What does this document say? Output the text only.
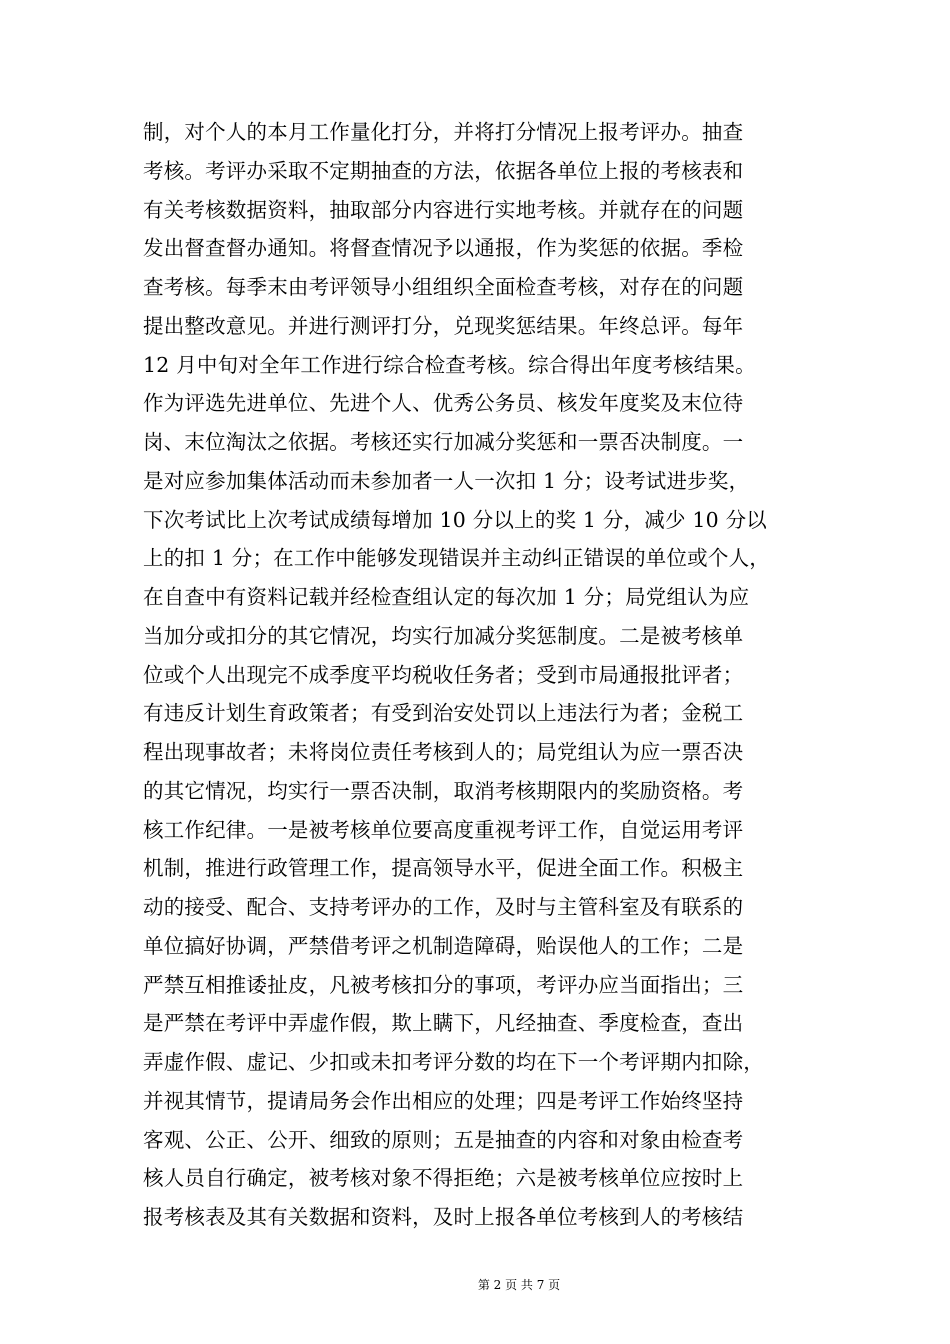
制，对个人的本月工作量化打分，并将打分情况上报考评办。抽查
考核。考评办采取不定期抽查的方法，依据各单位上报的考核表和
有关考核数据资料，抽取部分内容进行实地考核。并就存在的问题
发出督查督办通知。将督查情况予以通报，作为奖惩的依据。季检
查考核。每季末由考评领导小组组织全面检查考核，对存在的问题
提出整改意见。并进行测评打分，兑现奖惩结果。年终总评。每年
12 月中旬对全年工作进行综合检查考核。综合得出年度考核结果。
作为评选先进单位、先进个人、优秀公务员、核发年度奖及末位待
岗、末位淘汰之依据。考核还实行加减分奖惩和一票否决制度。一
是对应参加集体活动而未参加者一人一次扣 1 分；设考试进步奖，
下次考试比上次考试成绩每增加 10 分以上的奖 1 分，减少 10 分以
上的扣 1 分；在工作中能够发现错误并主动纠正错误的单位或个人，
在自查中有资料记载并经检查组认定的每次加 1 分；局党组认为应
当加分或扣分的其它情况，均实行加减分奖惩制度。二是被考核单
位或个人出现完不成季度平均税收任务者；受到市局通报批评者；
有违反计划生育政策者；有受到治安处罚以上违法行为者；金税工
程出现事故者；未将岗位责任考核到人的；局党组认为应一票否决
的其它情况，均实行一票否决制，取消考核期限内的奖励资格。考
核工作纪律。一是被考核单位要高度重视考评工作，自觉运用考评
机制，推进行政管理工作，提高领导水平，促进全面工作。积极主
动的接受、配合、支持考评办的工作，及时与主管科室及有联系的
单位搞好协调，严禁借考评之机制造障碍，贻误他人的工作；二是
严禁互相推诿扯皮，凡被考核扣分的事项，考评办应当面指出；三
是严禁在考评中弄虚作假，欺上瞒下，凡经抽查、季度检查，查出
弄虚作假、虚记、少扣或未扣考评分数的均在下一个考评期内扣除，
并视其情节，提请局务会作出相应的处理；四是考评工作始终坚持
客观、公正、公开、细致的原则；五是抽查的内容和对象由检查考
核人员自行确定，被考核对象不得拒绝；六是被考核单位应按时上
报考核表及其有关数据和资料，及时上报各单位考核到人的考核结
第 2 页 共 7 页
